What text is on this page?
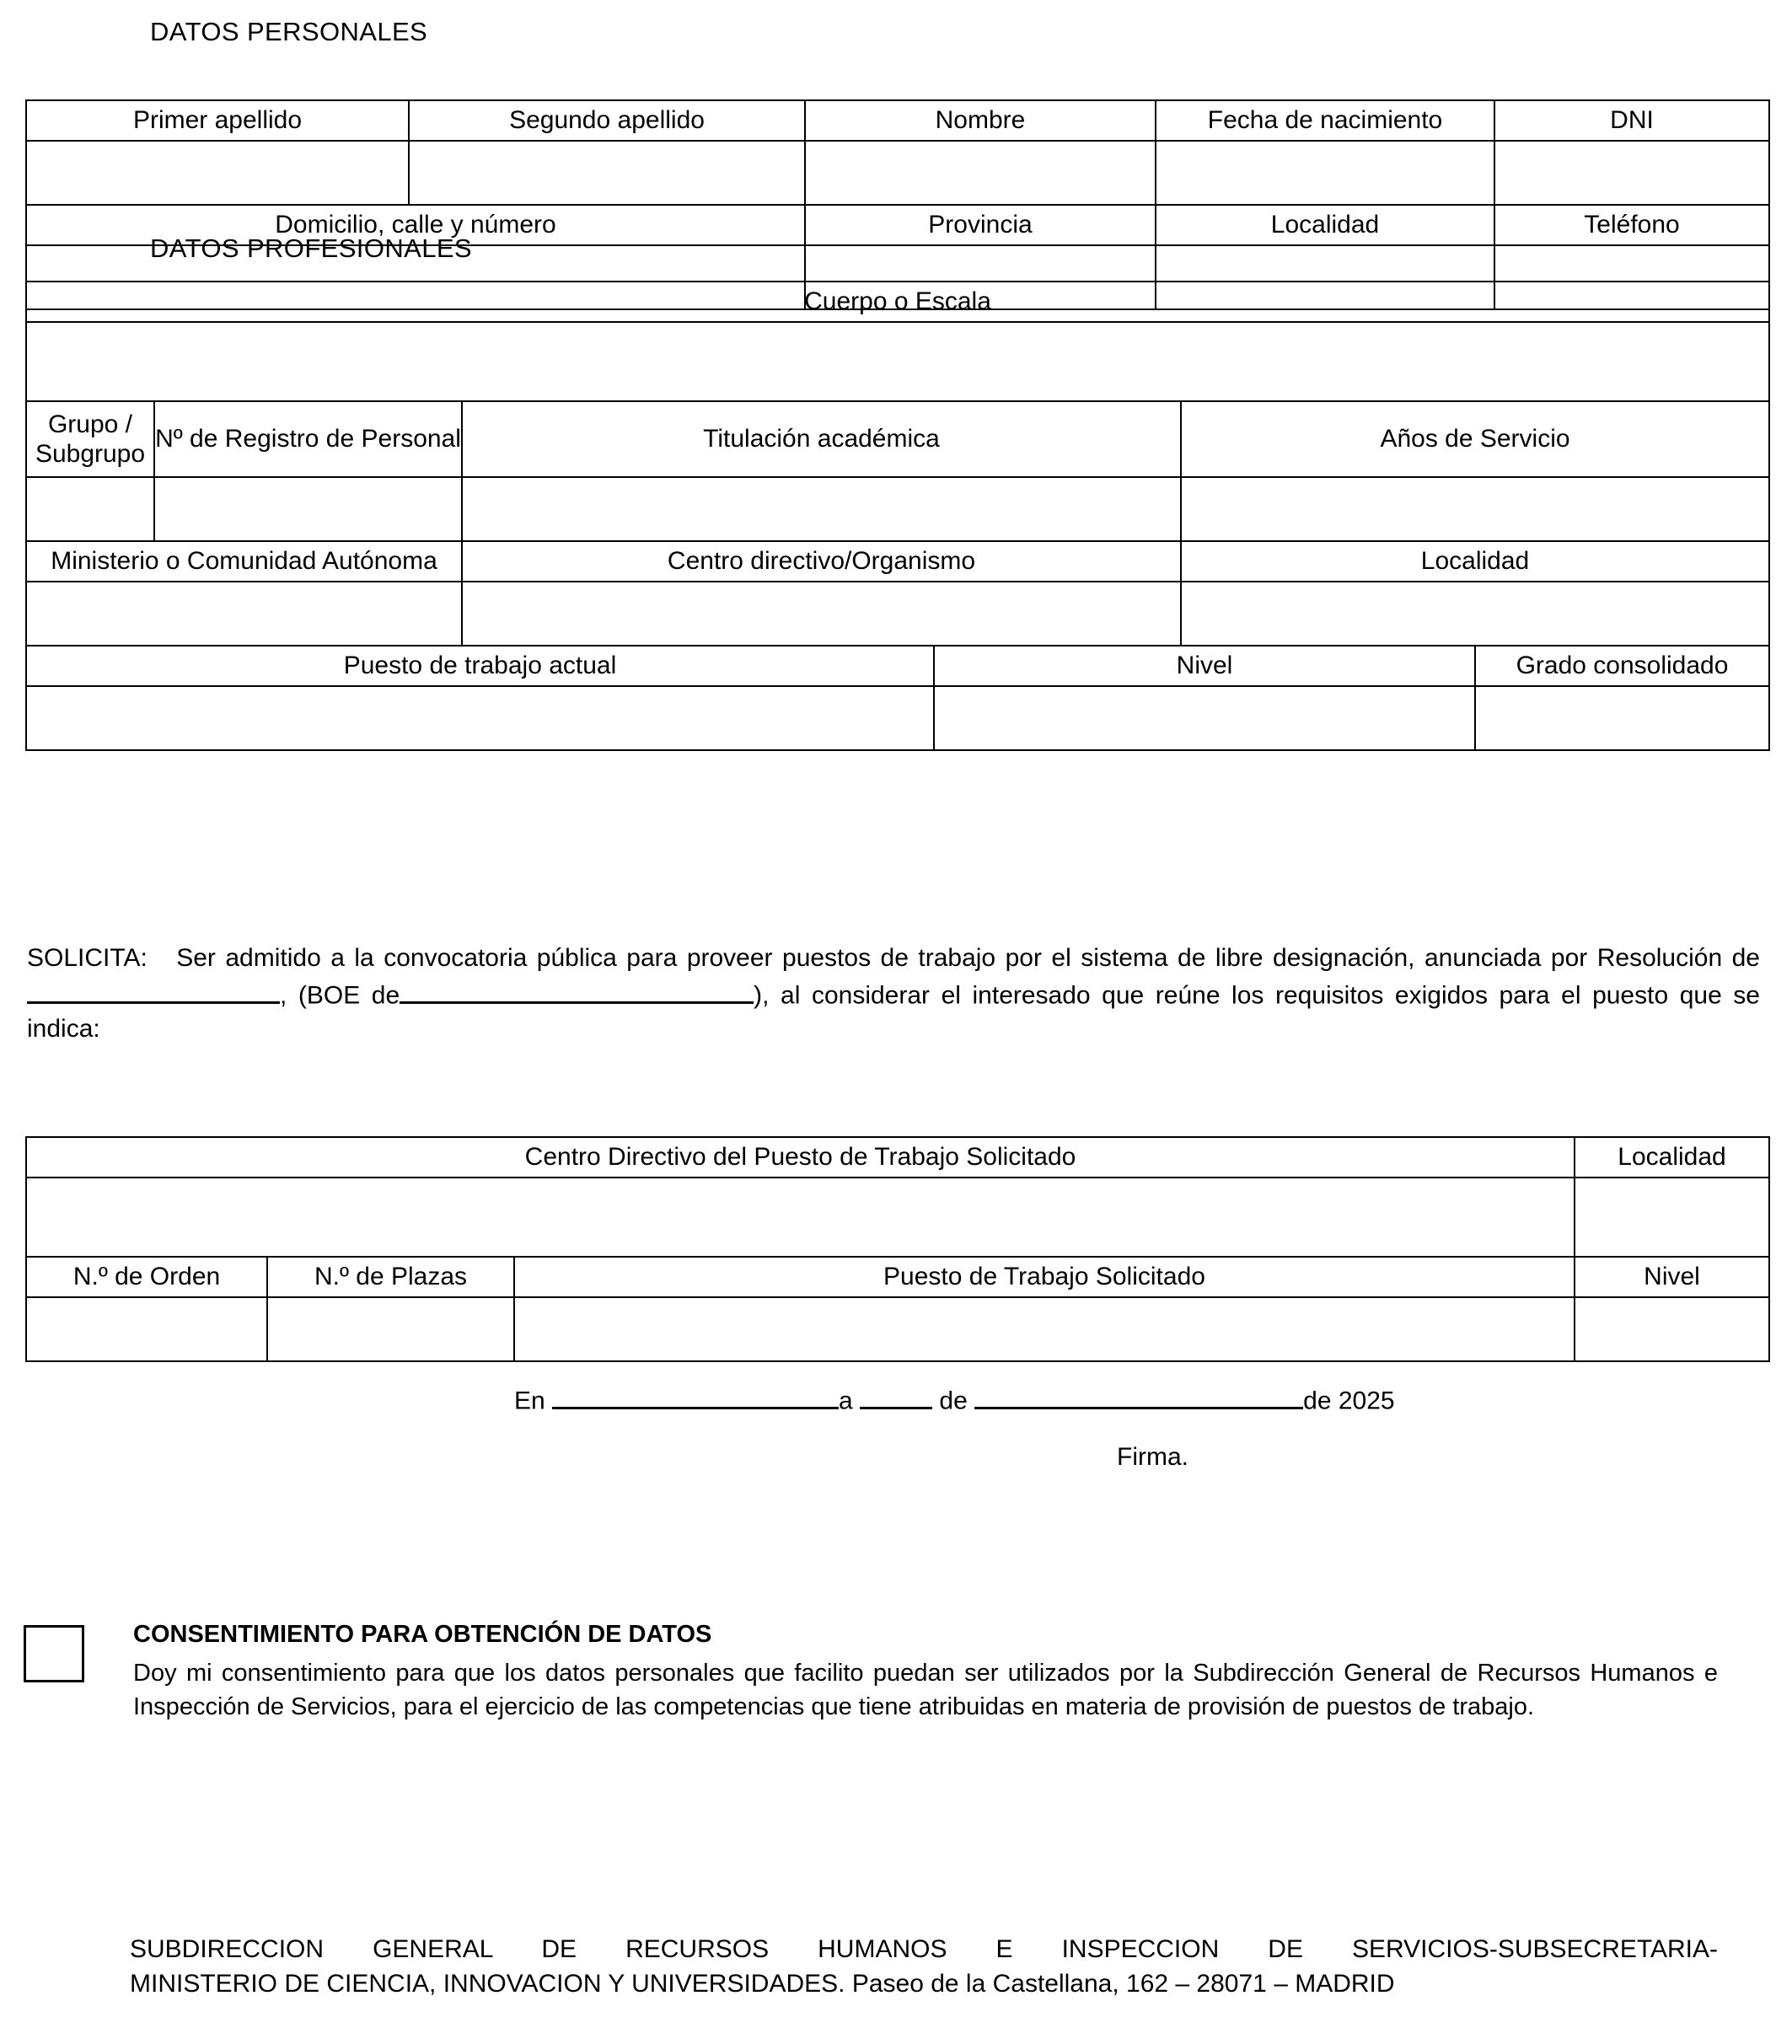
DATOS PERSONALES
Primer apellido	Segundo apellido	Nombre	Fecha de nacimiento	DNI

Domicilio, calle y número		Provincia	Localidad	Teléfono

DATOS PROFESIONALES
Cuerpo o Escala					

Grupo /
Subgrupo	Nº de Registro de Personal	Titulación académica		Años de Servicio	

Ministerio o Comunidad Autónoma		Centro directivo/Organismo		Localidad	

Puesto de trabajo actual			Nivel		Grado consolidado

SOLICITA: Ser admitido a la convocatoria pública para proveer puestos de trabajo por el sistema de libre designación, anunciada por Resolución de , (BOE de	), al considerar el interesado que reúne los requisitos exigidos para el puesto que se indica:
Centro Directivo del Puesto de Trabajo Solicitado			Localidad

N.º de Orden	N.º de Plazas	Puesto de Trabajo Solicitado	Nivel

En	a	de	de 2025
Firma.
CONSENTIMIENTO PARA OBTENCIÓN DE DATOS
Doy mi consentimiento para que los datos personales que facilito puedan ser utilizados por la Subdirección General de Recursos Humanos e Inspección de Servicios, para el ejercicio de las competencias que tiene atribuidas en materia de provisión de puestos de trabajo.
SUBDIRECCION GENERAL DE RECURSOS HUMANOS E INSPECCION DE SERVICIOS-SUBSECRETARIA-
MINISTERIO DE CIENCIA, INNOVACION Y UNIVERSIDADES. Paseo de la Castellana, 162 – 28071 – MADRID
